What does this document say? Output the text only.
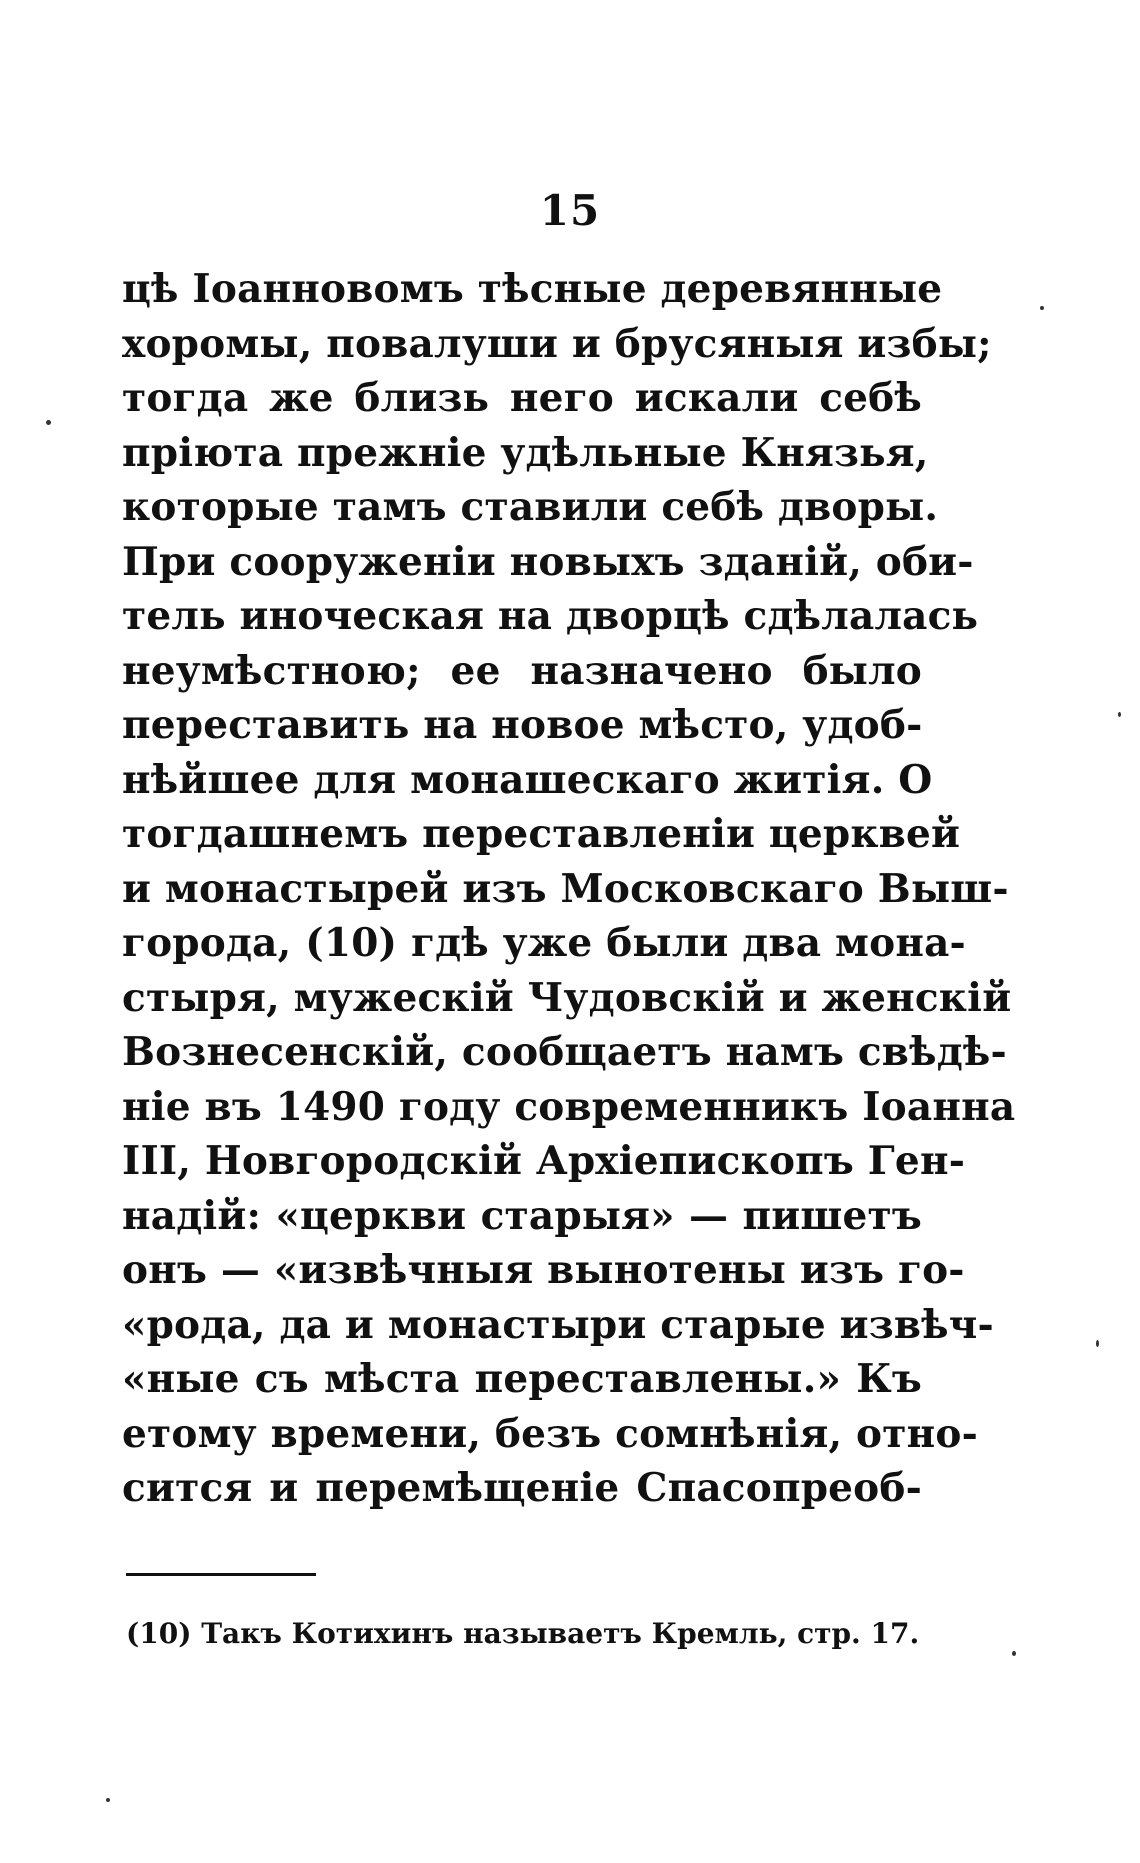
15
цѣ Іоанновомъ тѣсные деревянные
хоромы, повалуши и брусяныя избы;
тогда же близь него искали себѣ
пріюта прежніе удѣльные Князья,
которые тамъ ставили себѣ дворы.
При сооруженіи новыхъ зданій, оби-
тель иноческая на дворцѣ сдѣлалась
неумѣстною; ее назначено было
переставить на новое мѣсто, удоб-
нѣйшее для монашескаго житія. О
тогдашнемъ переставленіи церквей
и монастырей изъ Московскаго Выш-
города, (10) гдѣ уже были два мона-
стыря, мужескій Чудовскій и женскій
Вознесенскій, сообщаетъ намъ свѣдѣ-
ніе въ 1490 году современникъ Іоанна
III, Новгородскій Архіепископъ Ген-
надій: «церкви старыя» — пишетъ
онъ — «извѣчныя вынотены изъ го-
«рода, да и монастыри старые извѣч-
«ные съ мѣста переставлены.» Къ
етому времени, безъ сомнѣнія, отно-
сится и перемѣщеніе Спасопреоб-
(10) Такъ Котихинъ называетъ Кремль, стр. 17.
